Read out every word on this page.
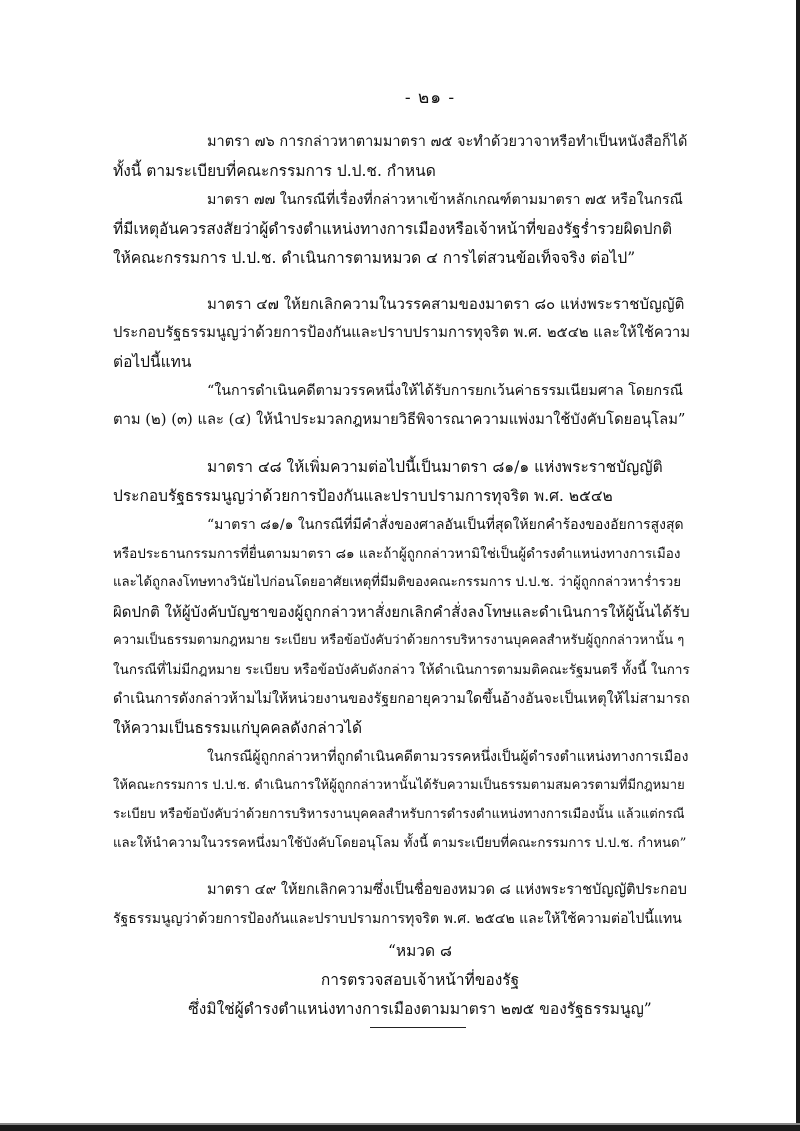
- ๒๑ -
มาตรา ๗๖ การกล่าวหาตามมาตรา ๗๕ จะทำด้วยวาจาหรือทำเป็นหนังสือก็ได้
ทั้งนี้ ตามระเบียบที่คณะกรรมการ ป.ป.ช. กำหนด
มาตรา ๗๗ ในกรณีที่เรื่องที่กล่าวหาเข้าหลักเกณฑ์ตามมาตรา ๗๕ หรือในกรณี
ที่มีเหตุอันควรสงสัยว่าผู้ดำรงตำแหน่งทางการเมืองหรือเจ้าหน้าที่ของรัฐร่ำรวยผิดปกติ
ให้คณะกรรมการ ป.ป.ช. ดำเนินการตามหมวด ๔ การไต่สวนข้อเท็จจริง ต่อไป”
มาตรา ๔๗ ให้ยกเลิกความในวรรคสามของมาตรา ๘๐ แห่งพระราชบัญญัติ
ประกอบรัฐธรรมนูญว่าด้วยการป้องกันและปราบปรามการทุจริต พ.ศ. ๒๕๔๒ และให้ใช้ความ
ต่อไปนี้แทน
“ในการดำเนินคดีตามวรรคหนึ่งให้ได้รับการยกเว้นค่าธรรมเนียมศาล โดยกรณี
ตาม (๒) (๓) และ (๔) ให้นำประมวลกฎหมายวิธีพิจารณาความแพ่งมาใช้บังคับโดยอนุโลม”
มาตรา ๔๘ ให้เพิ่มความต่อไปนี้เป็นมาตรา ๘๑/๑ แห่งพระราชบัญญัติ
ประกอบรัฐธรรมนูญว่าด้วยการป้องกันและปราบปรามการทุจริต พ.ศ. ๒๕๔๒
“มาตรา ๘๑/๑ ในกรณีที่มีคำสั่งของศาลอันเป็นที่สุดให้ยกคำร้องของอัยการสูงสุด
หรือประธานกรรมการที่ยื่นตามมาตรา ๘๑ และถ้าผู้ถูกกล่าวหามิใช่เป็นผู้ดำรงตำแหน่งทางการเมือง
และได้ถูกลงโทษทางวินัยไปก่อนโดยอาศัยเหตุที่มีมติของคณะกรรมการ ป.ป.ช. ว่าผู้ถูกกล่าวหาร่ำรวย
ผิดปกติ ให้ผู้บังคับบัญชาของผู้ถูกกล่าวหาสั่งยกเลิกคำสั่งลงโทษและดำเนินการให้ผู้นั้นได้รับ
ความเป็นธรรมตามกฎหมาย ระเบียบ หรือข้อบังคับว่าด้วยการบริหารงานบุคคลสำหรับผู้ถูกกล่าวหานั้น ๆ
ในกรณีที่ไม่มีกฎหมาย ระเบียบ หรือข้อบังคับดังกล่าว ให้ดำเนินการตามมติคณะรัฐมนตรี ทั้งนี้ ในการ
ดำเนินการดังกล่าวห้ามไม่ให้หน่วยงานของรัฐยกอายุความใดขึ้นอ้างอันจะเป็นเหตุให้ไม่สามารถ
ให้ความเป็นธรรมแก่บุคคลดังกล่าวได้
ในกรณีผู้ถูกกล่าวหาที่ถูกดำเนินคดีตามวรรคหนึ่งเป็นผู้ดำรงตำแหน่งทางการเมือง
ให้คณะกรรมการ ป.ป.ช. ดำเนินการให้ผู้ถูกกล่าวหานั้นได้รับความเป็นธรรมตามสมควรตามที่มีกฎหมาย
ระเบียบ หรือข้อบังคับว่าด้วยการบริหารงานบุคคลสำหรับการดำรงตำแหน่งทางการเมืองนั้น แล้วแต่กรณี
และให้นำความในวรรคหนึ่งมาใช้บังคับโดยอนุโลม ทั้งนี้ ตามระเบียบที่คณะกรรมการ ป.ป.ช. กำหนด”
มาตรา ๔๙ ให้ยกเลิกความซึ่งเป็นชื่อของหมวด ๘ แห่งพระราชบัญญัติประกอบ
รัฐธรรมนูญว่าด้วยการป้องกันและปราบปรามการทุจริต พ.ศ. ๒๕๔๒ และให้ใช้ความต่อไปนี้แทน
“หมวด ๘
การตรวจสอบเจ้าหน้าที่ของรัฐ
ซึ่งมิใช่ผู้ดำรงตำแหน่งทางการเมืองตามมาตรา ๒๗๕ ของรัฐธรรมนูญ”
